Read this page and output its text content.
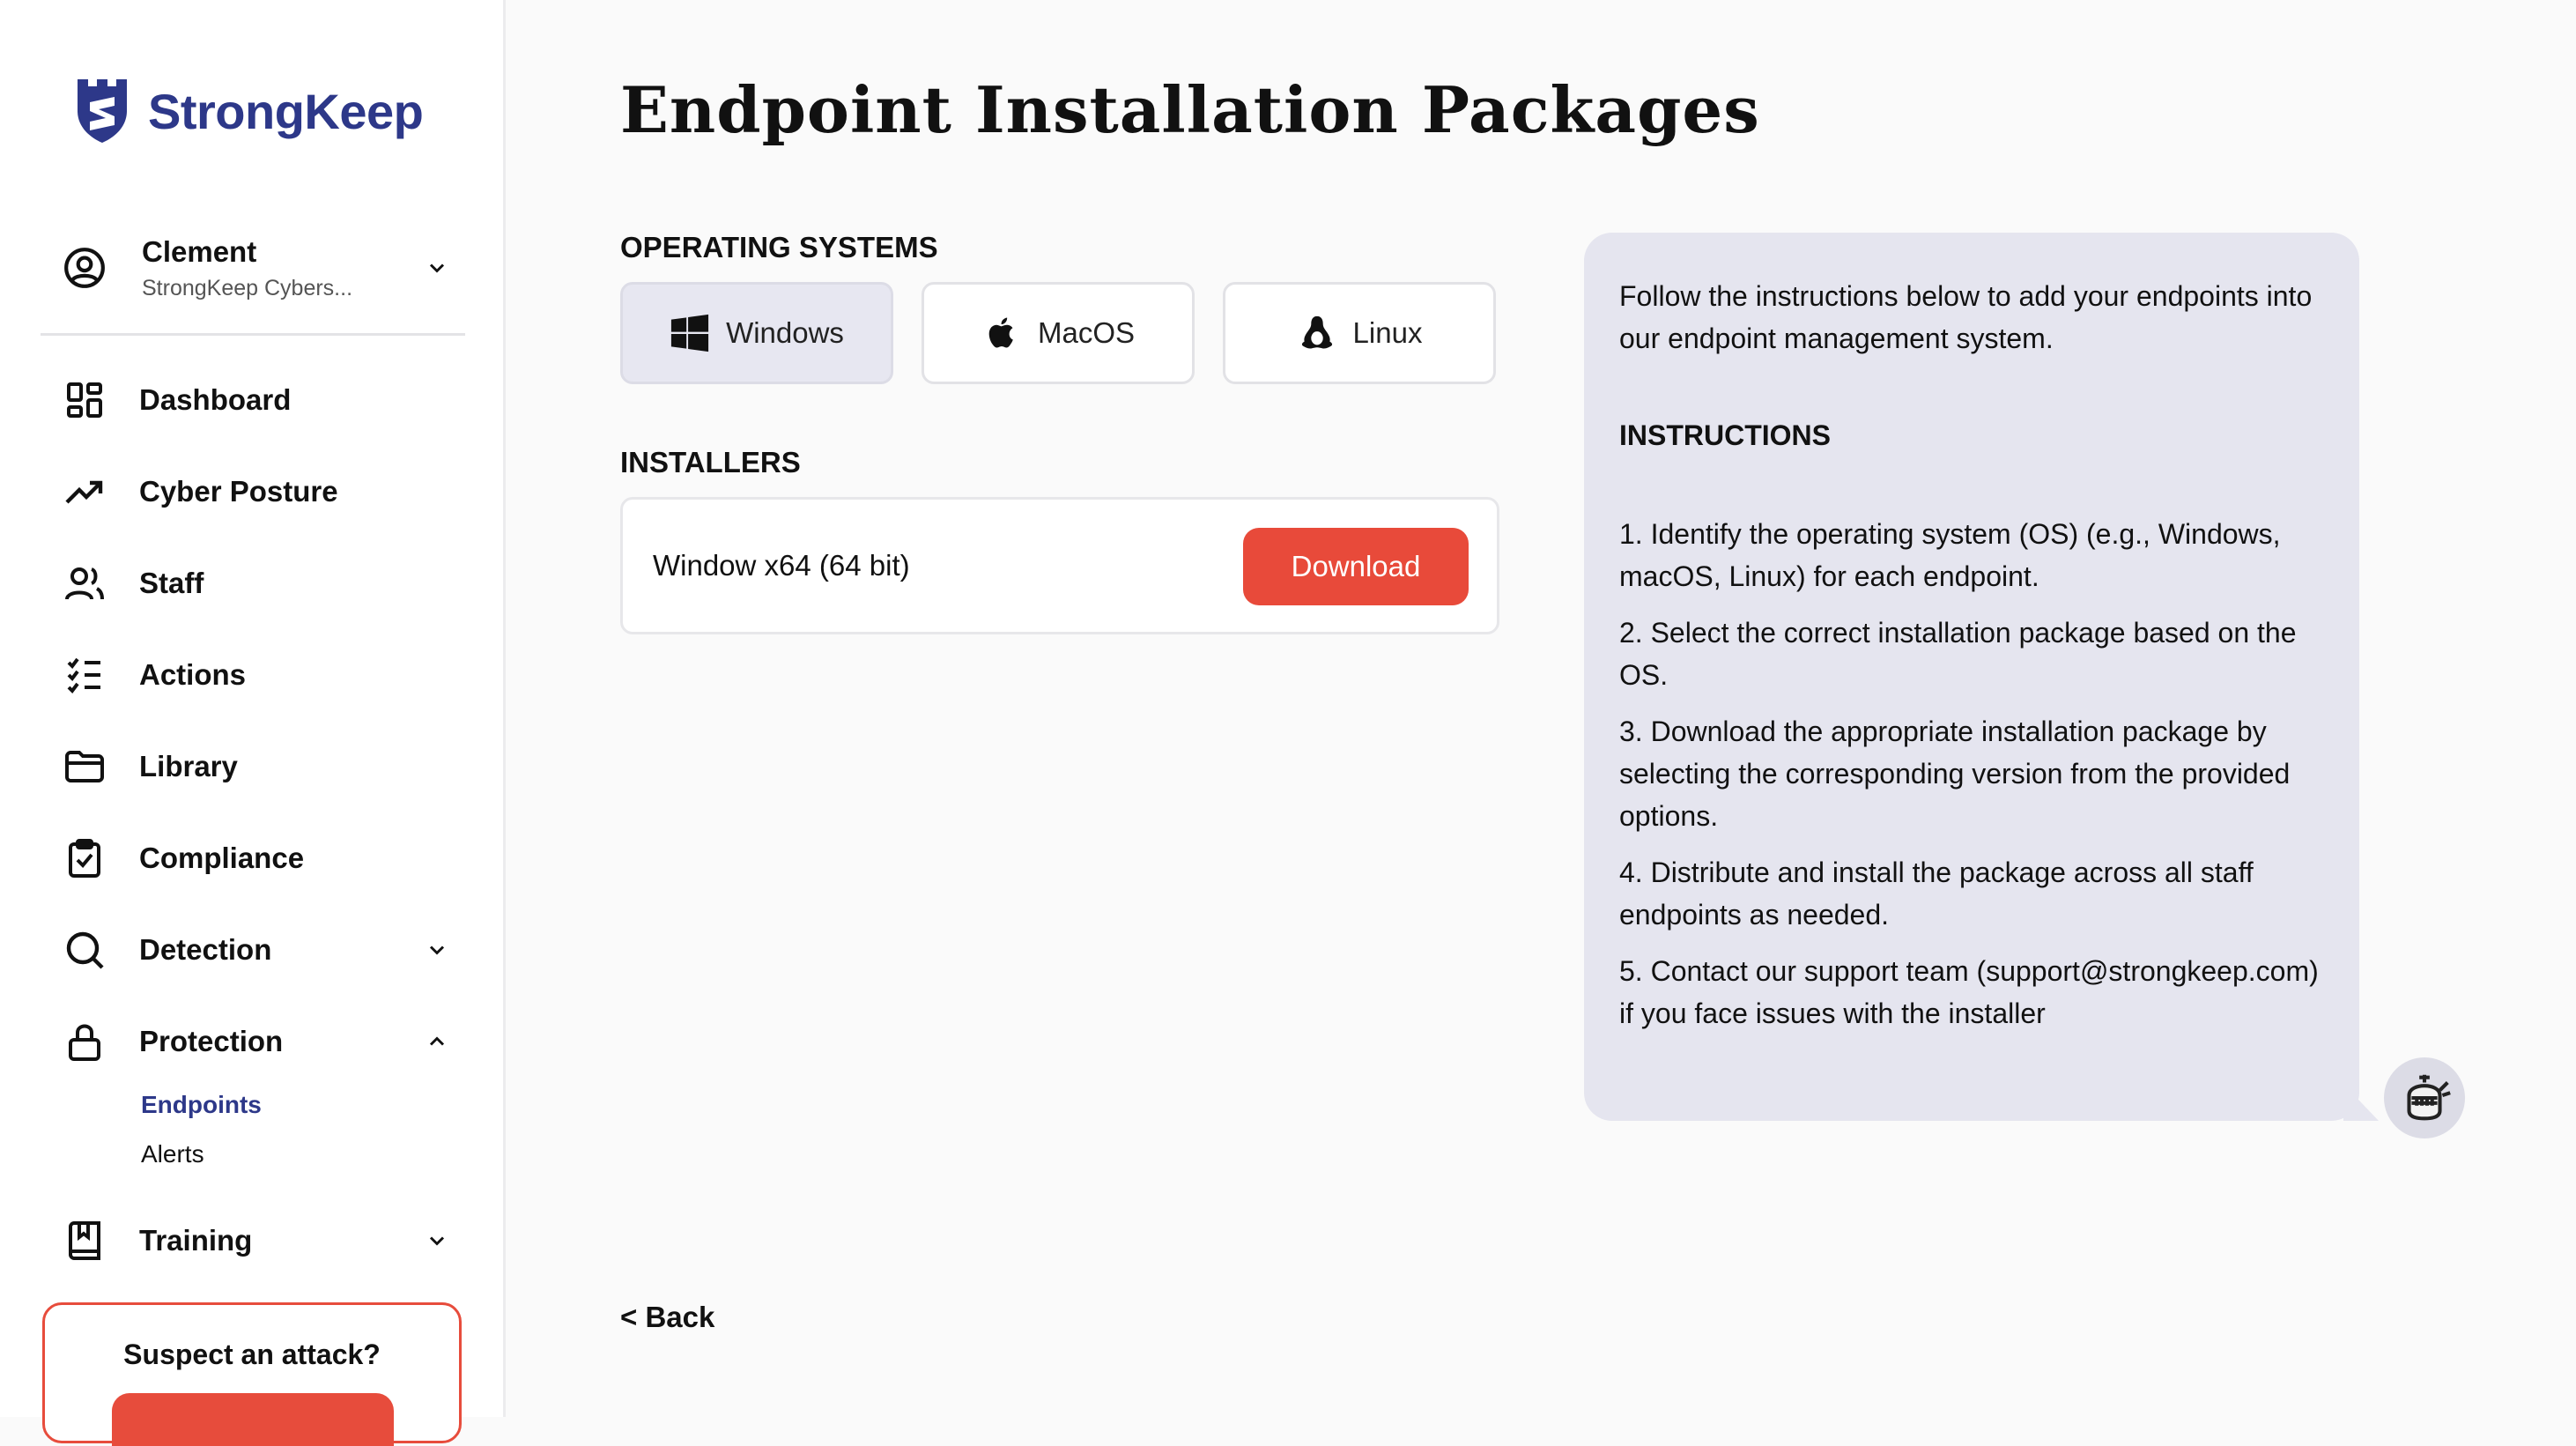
StrongKeep
Clement
StrongKeep Cybers...
Dashboard
Cyber Posture
Staff
Actions
Library
Compliance
Detection
Protection
Endpoints
Alerts
Training
Suspect an attack?
Endpoint Installation Packages
OPERATING SYSTEMS
Windows	MacOS	Linux
INSTALLERS
Window x64 (64 bit)	Download
< Back

Follow the instructions below to add your endpoints into our endpoint management system.

INSTRUCTIONS

1. Identify the operating system (OS) (e.g., Windows, macOS, Linux) for each endpoint.

2. Select the correct installation package based on the OS.

3. Download the appropriate installation package by selecting the corresponding version from the provided options.

4. Distribute and install the package across all staff endpoints as needed.

5. Contact our support team (support@strongkeep.com) if you face issues with the installer
